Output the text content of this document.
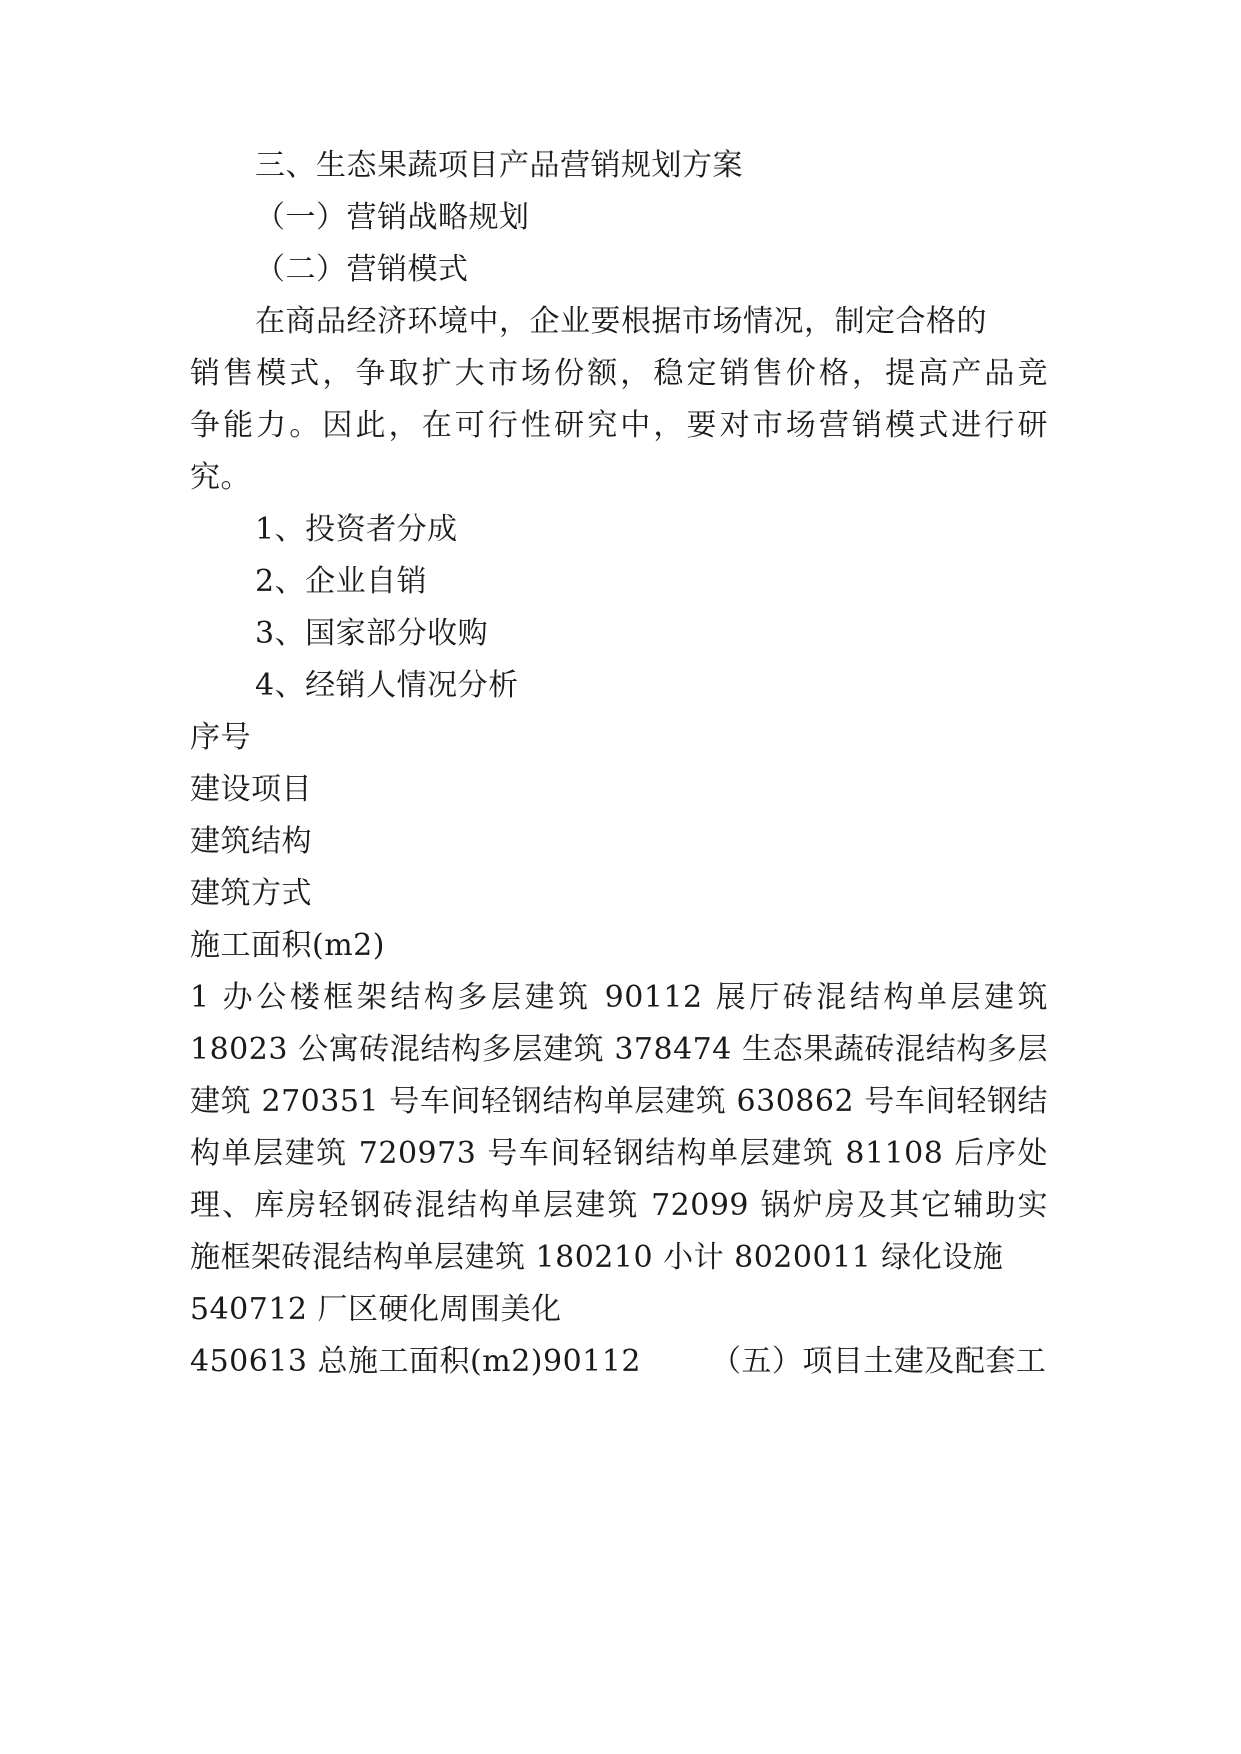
三、生态果蔬项目产品营销规划方案
（一）营销战略规划
（二）营销模式
在商品经济环境中，企业要根据市场情况，制定合格的
销售模式，争取扩大市场份额，稳定销售价格，提高产品竞
争能力。因此，在可行性研究中，要对市场营销模式进行研
究。
1、投资者分成
2、企业自销
3、国家部分收购
4、经销人情况分析
序号
建设项目
建筑结构
建筑方式
施工面积(m2)
1 办公楼框架结构多层建筑 90112 展厅砖混结构单层建筑
18023 公寓砖混结构多层建筑 378474 生态果蔬砖混结构多层
建筑 270351 号车间轻钢结构单层建筑 630862 号车间轻钢结
构单层建筑 720973 号车间轻钢结构单层建筑 81108 后序处
理、库房轻钢砖混结构单层建筑 72099 锅炉房及其它辅助实
施框架砖混结构单层建筑 180210 小计 8020011 绿化设施
540712 厂区硬化周围美化
450613 总施工面积(m2)90112 （五）项目土建及配套工
